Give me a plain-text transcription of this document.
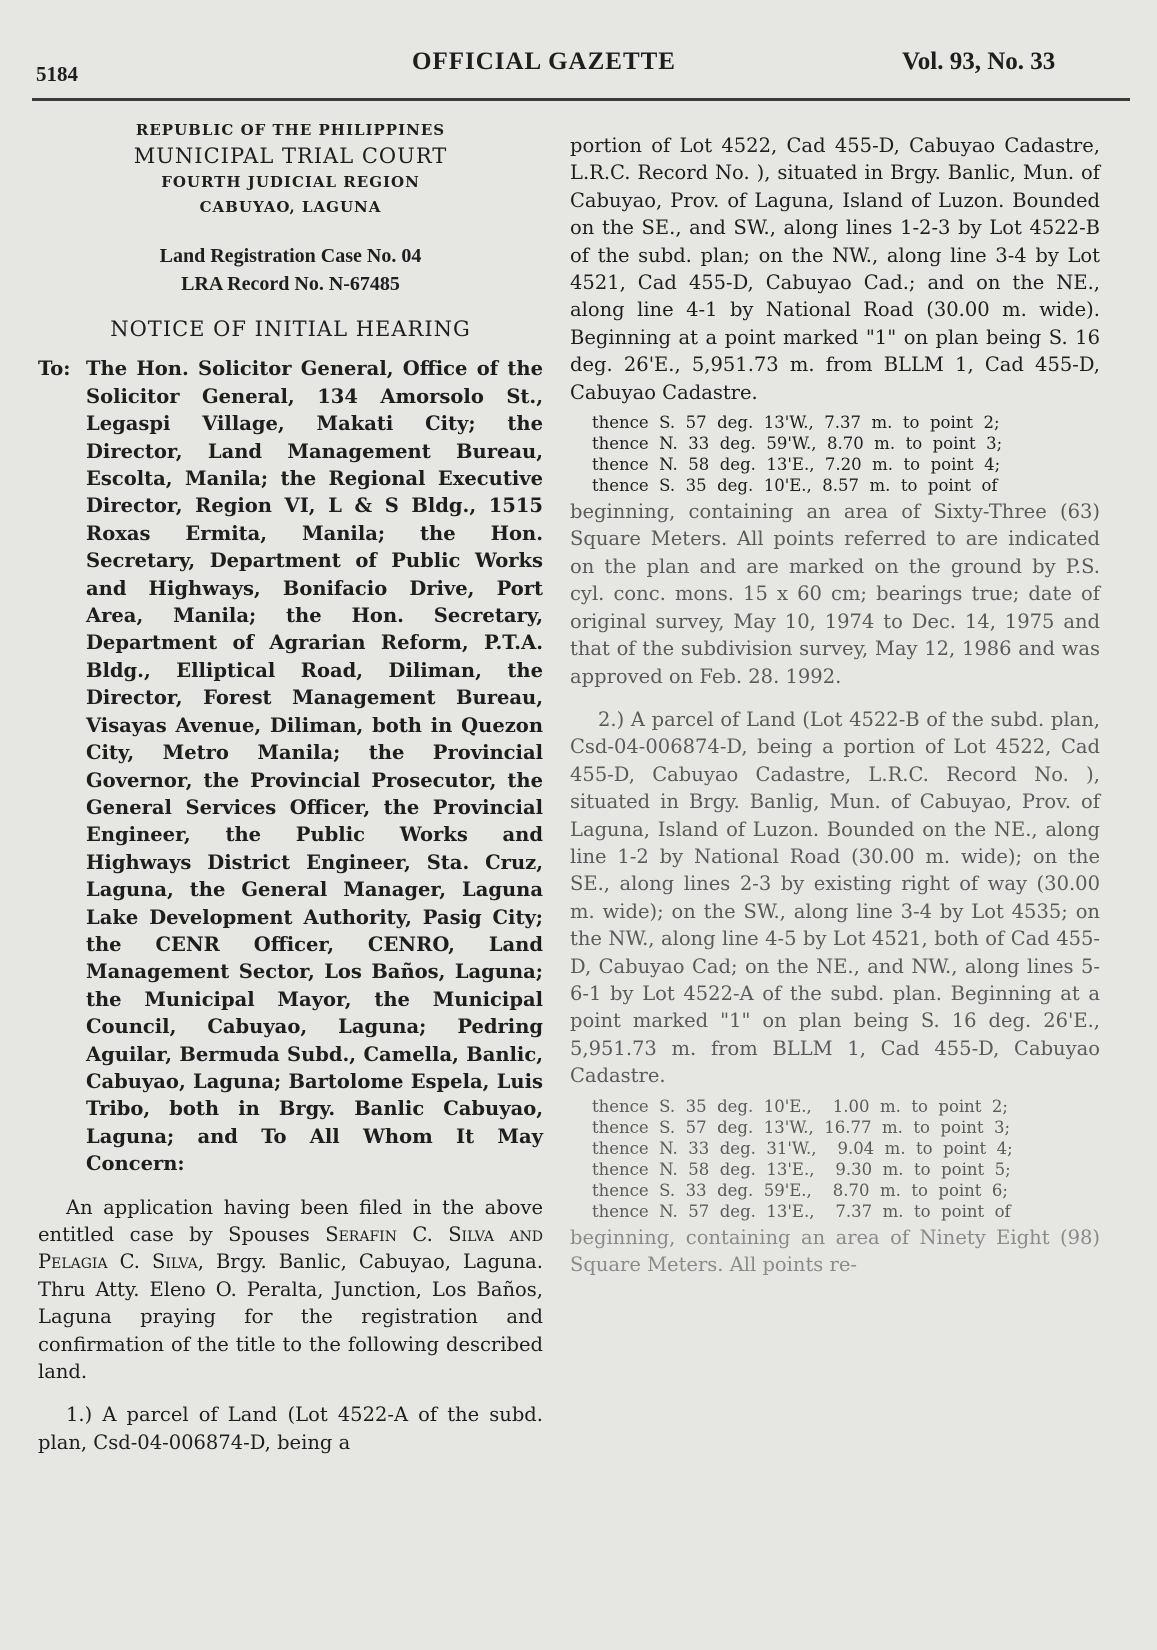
5184	OFFICIAL GAZETTE	Vol. 93, No. 33
REPUBLIC OF THE PHILIPPINES
MUNICIPAL TRIAL COURT
FOURTH JUDICIAL REGION
CABUYAO, LAGUNA
Land Registration Case No. 04
LRA Record No. N-67485
NOTICE OF INITIAL HEARING
To: The Hon. Solicitor General, Office of the Solicitor General, 134 Amorsolo St., Legaspi Village, Makati City; the Director, Land Management Bureau, Escolta, Manila; the Regional Executive Director, Region VI, L & S Bldg., 1515 Roxas Ermita, Manila; the Hon. Secretary, Department of Public Works and Highways, Bonifacio Drive, Port Area, Manila; the Hon. Secretary, Department of Agrarian Reform, P.T.A. Bldg., Elliptical Road, Diliman, the Director, Forest Management Bureau, Visayas Avenue, Diliman, both in Quezon City, Metro Manila; the Provincial Governor, the Provincial Prosecutor, the General Services Officer, the Provincial Engineer, the Public Works and Highways District Engineer, Sta. Cruz, Laguna, the General Manager, Laguna Lake Development Authority, Pasig City; the CENR Officer, CENRO, Land Management Sector, Los Baños, Laguna; the Municipal Mayor, the Municipal Council, Cabuyao, Laguna; Pedring Aguilar, Bermuda Subd., Camella, Banlic, Cabuyao, Laguna; Bartolome Espela, Luis Tribo, both in Brgy. Banlic Cabuyao, Laguna; and To All Whom It May Concern:

An application having been filed in the above entitled case by Spouses Serafin C. Silva and Pelagia C. Silva, Brgy. Banlic, Cabuyao, Laguna. Thru Atty. Eleno O. Peralta, Junction, Los Baños, Laguna praying for the registration and confirmation of the title to the following described land.

1.) A parcel of Land (Lot 4522-A of the subd. plan, Csd-04-006874-D, being a

portion of Lot 4522, Cad 455-D, Cabuyao Cadastre, L.R.C. Record No. ), situated in Brgy. Banlic, Mun. of Cabuyao, Prov. of Laguna, Island of Luzon. Bounded on the SE., and SW., along lines 1-2-3 by Lot 4522-B of the subd. plan; on the NW., along line 3-4 by Lot 4521, Cad 455-D, Cabuyao Cad.; and on the NE., along line 4-1 by National Road (30.00 m. wide). Beginning at a point marked "1" on plan being S. 16 deg. 26'E., 5,951.73 m. from BLLM 1, Cad 455-D, Cabuyao Cadastre.

thence  S.  57  deg.  13'W.,  7.37  m.  to  point  2;
thence  N.  33  deg.  59'W.,  8.70  m.  to  point  3;
thence  N.  58  deg.  13'E.,  7.20  m.  to  point  4;
thence  S.  35  deg.  10'E.,  8.57  m.  to  point  of

beginning, containing an area of Sixty-Three (63) Square Meters. All points referred to are indicated on the plan and are marked on the ground by P.S. cyl. conc. mons. 15 x 60 cm; bearings true; date of original survey, May 10, 1974 to Dec. 14, 1975 and that of the subdivision survey, May 12, 1986 and was approved on Feb. 28. 1992.

2.) A parcel of Land (Lot 4522-B of the subd. plan, Csd-04-006874-D, being a portion of Lot 4522, Cad 455-D, Cabuyao Cadastre, L.R.C. Record No. ), situated in Brgy. Banlig, Mun. of Cabuyao, Prov. of Laguna, Island of Luzon. Bounded on the NE., along line 1-2 by National Road (30.00 m. wide); on the SE., along lines 2-3 by existing right of way (30.00 m. wide); on the SW., along line 3-4 by Lot 4535; on the NW., along line 4-5 by Lot 4521, both of Cad 455-D, Cabuyao Cad; on the NE., and NW., along lines 5-6-1 by Lot 4522-A of the subd. plan. Beginning at a point marked "1" on plan being S. 16 deg. 26'E., 5,951.73 m. from BLLM 1, Cad 455-D, Cabuyao Cadastre.

thence  S.  35  deg.  10'E.,    1.00  m.  to  point  2;
thence  S.  57  deg.  13'W.,  16.77  m.  to  point  3;
thence  N.  33  deg.  31'W.,    9.04  m.  to  point  4;
thence  N.  58  deg.  13'E.,    9.30  m.  to  point  5;
thence  S.  33  deg.  59'E.,    8.70  m.  to  point  6;
thence  N.  57  deg.  13'E.,    7.37  m.  to  point  of

beginning, containing an area of Ninety Eight (98) Square Meters. All points re-
